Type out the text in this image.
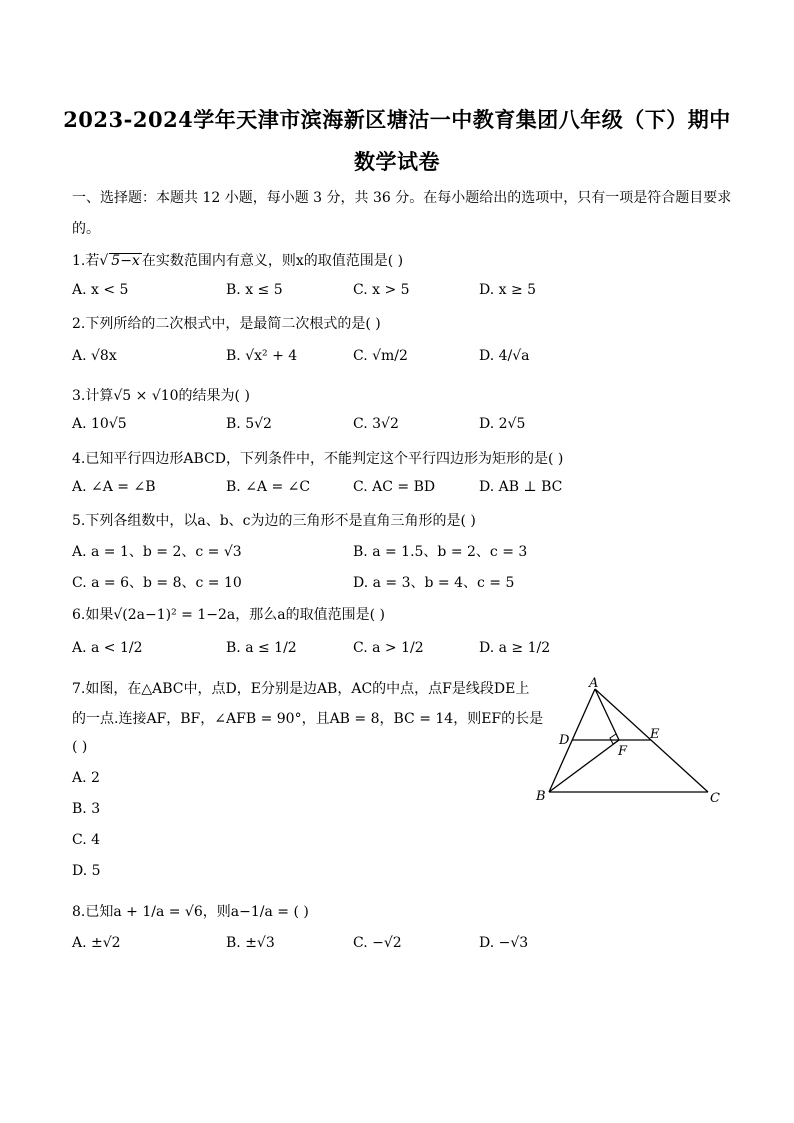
2023-2024学年天津市滨海新区塘沽一中教育集团八年级（下）期中
数学试卷
一、选择题：本题共 12 小题，每小题 3 分，共 36 分。在每小题给出的选项中，只有一项是符合题目要求
的。
1.若√ 5−x 在实数范围内有意义，则x的取值范围是( )
A. x < 5	B. x ≤ 5	C. x > 5	D. x ≥ 5
2.下列所给的二次根式中，是最简二次根式的是( )
A. √8x	B. √x² + 4	C. √m/2	D. 4/√a
3.计算√5 × √10的结果为( )
A. 10√5	B. 5√2	C. 3√2	D. 2√5
4.已知平行四边形ABCD，下列条件中，不能判定这个平行四边形为矩形的是( )
A. ∠A = ∠B	B. ∠A = ∠C	C. AC = BD	D. AB ⊥ BC
5.下列各组数中，以a、b、c为边的三角形不是直角三角形的是( )
A. a = 1、b = 2、c = √3	B. a = 1.5、b = 2、c = 3
C. a = 6、b = 8、c = 10	D. a = 3、b = 4、c = 5
6.如果√(2a−1)² = 1−2a，那么a的取值范围是( )
A. a < 1/2	B. a ≤ 1/2	C. a > 1/2	D. a ≥ 1/2
7.如图，在△ABC中，点D，E分别是边AB，AC的中点，点F是线段DE上
的一点.连接AF，BF，∠AFB = 90°，且AB = 8，BC = 14，则EF的长是
( )
A. 2
B. 3
C. 4
D. 5
A
B	C
D	E
F
8.已知a + 1/a = √6，则a−1/a = ( )
A. ±√2	B. ±√3	C. −√2	D. −√3
